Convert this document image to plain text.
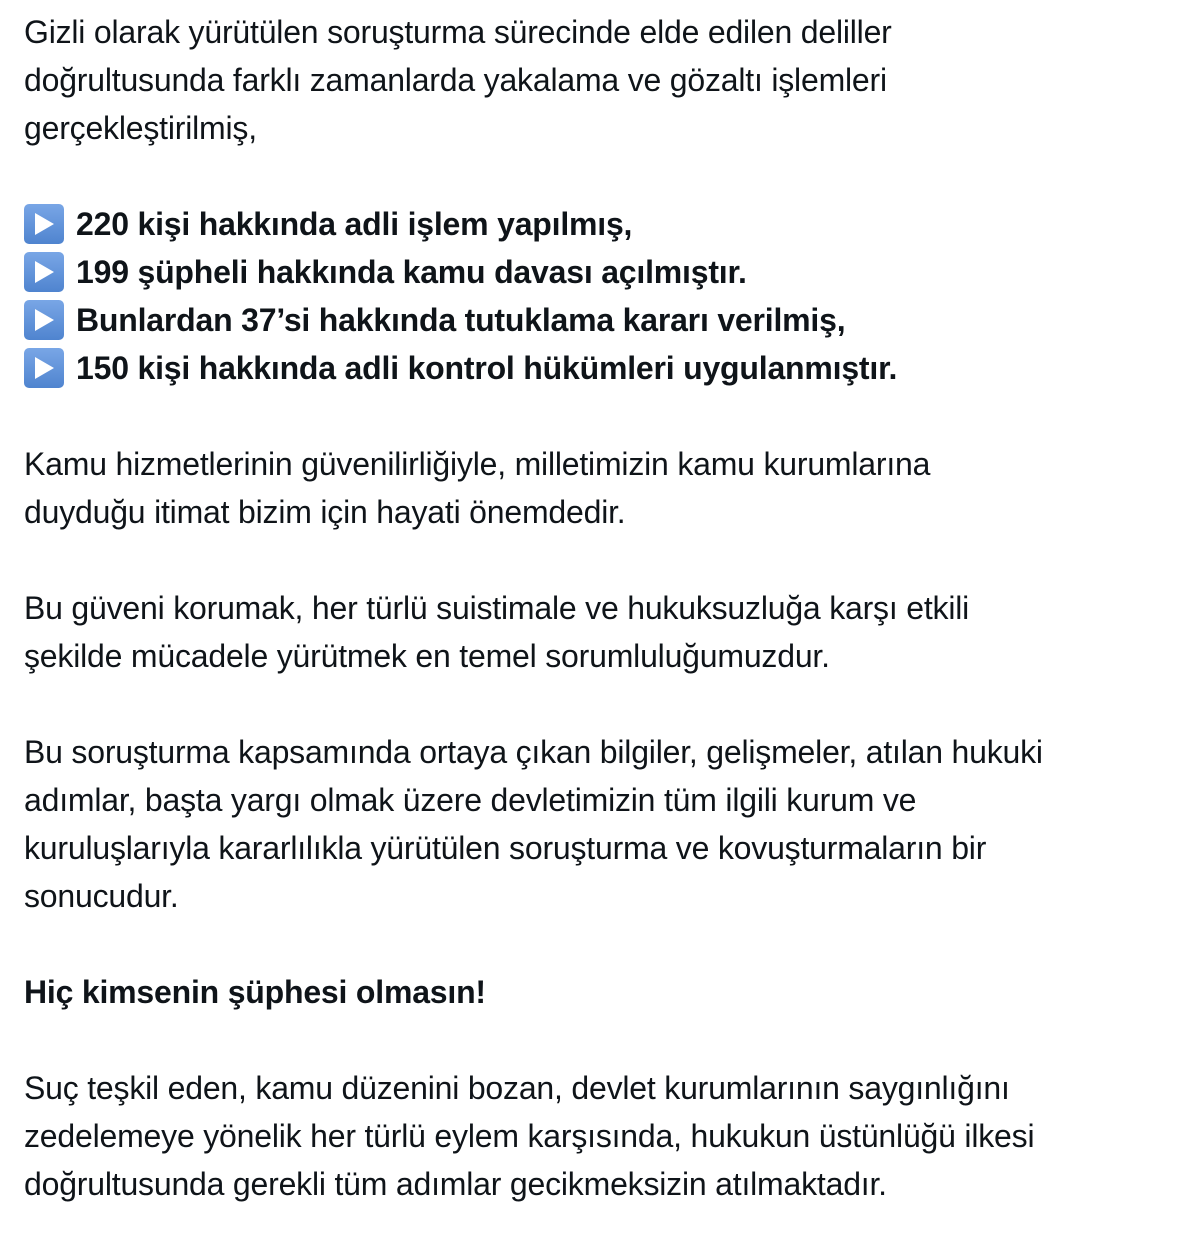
Gizli olarak yürütülen soruşturma sürecinde elde edilen deliller
doğrultusunda farklı zamanlarda yakalama ve gözaltı işlemleri
gerçekleştirilmiş,

220 kişi hakkında adli işlem yapılmış,
199 şüpheli hakkında kamu davası açılmıştır.
Bunlardan 37’si hakkında tutuklama kararı verilmiş,
150 kişi hakkında adli kontrol hükümleri uygulanmıştır.

Kamu hizmetlerinin güvenilirliğiyle, milletimizin kamu kurumlarına
duyduğu itimat bizim için hayati önemdedir.

Bu güveni korumak, her türlü suistimale ve hukuksuzluğa karşı etkili
şekilde mücadele yürütmek en temel sorumluluğumuzdur.

Bu soruşturma kapsamında ortaya çıkan bilgiler, gelişmeler, atılan hukuki
adımlar, başta yargı olmak üzere devletimizin tüm ilgili kurum ve
kuruluşlarıyla kararlılıkla yürütülen soruşturma ve kovuşturmaların bir
sonucudur.

Hiç kimsenin şüphesi olmasın!

Suç teşkil eden, kamu düzenini bozan, devlet kurumlarının saygınlığını
zedelemeye yönelik her türlü eylem karşısında, hukukun üstünlüğü ilkesi
doğrultusunda gerekli tüm adımlar gecikmeksizin atılmaktadır.
